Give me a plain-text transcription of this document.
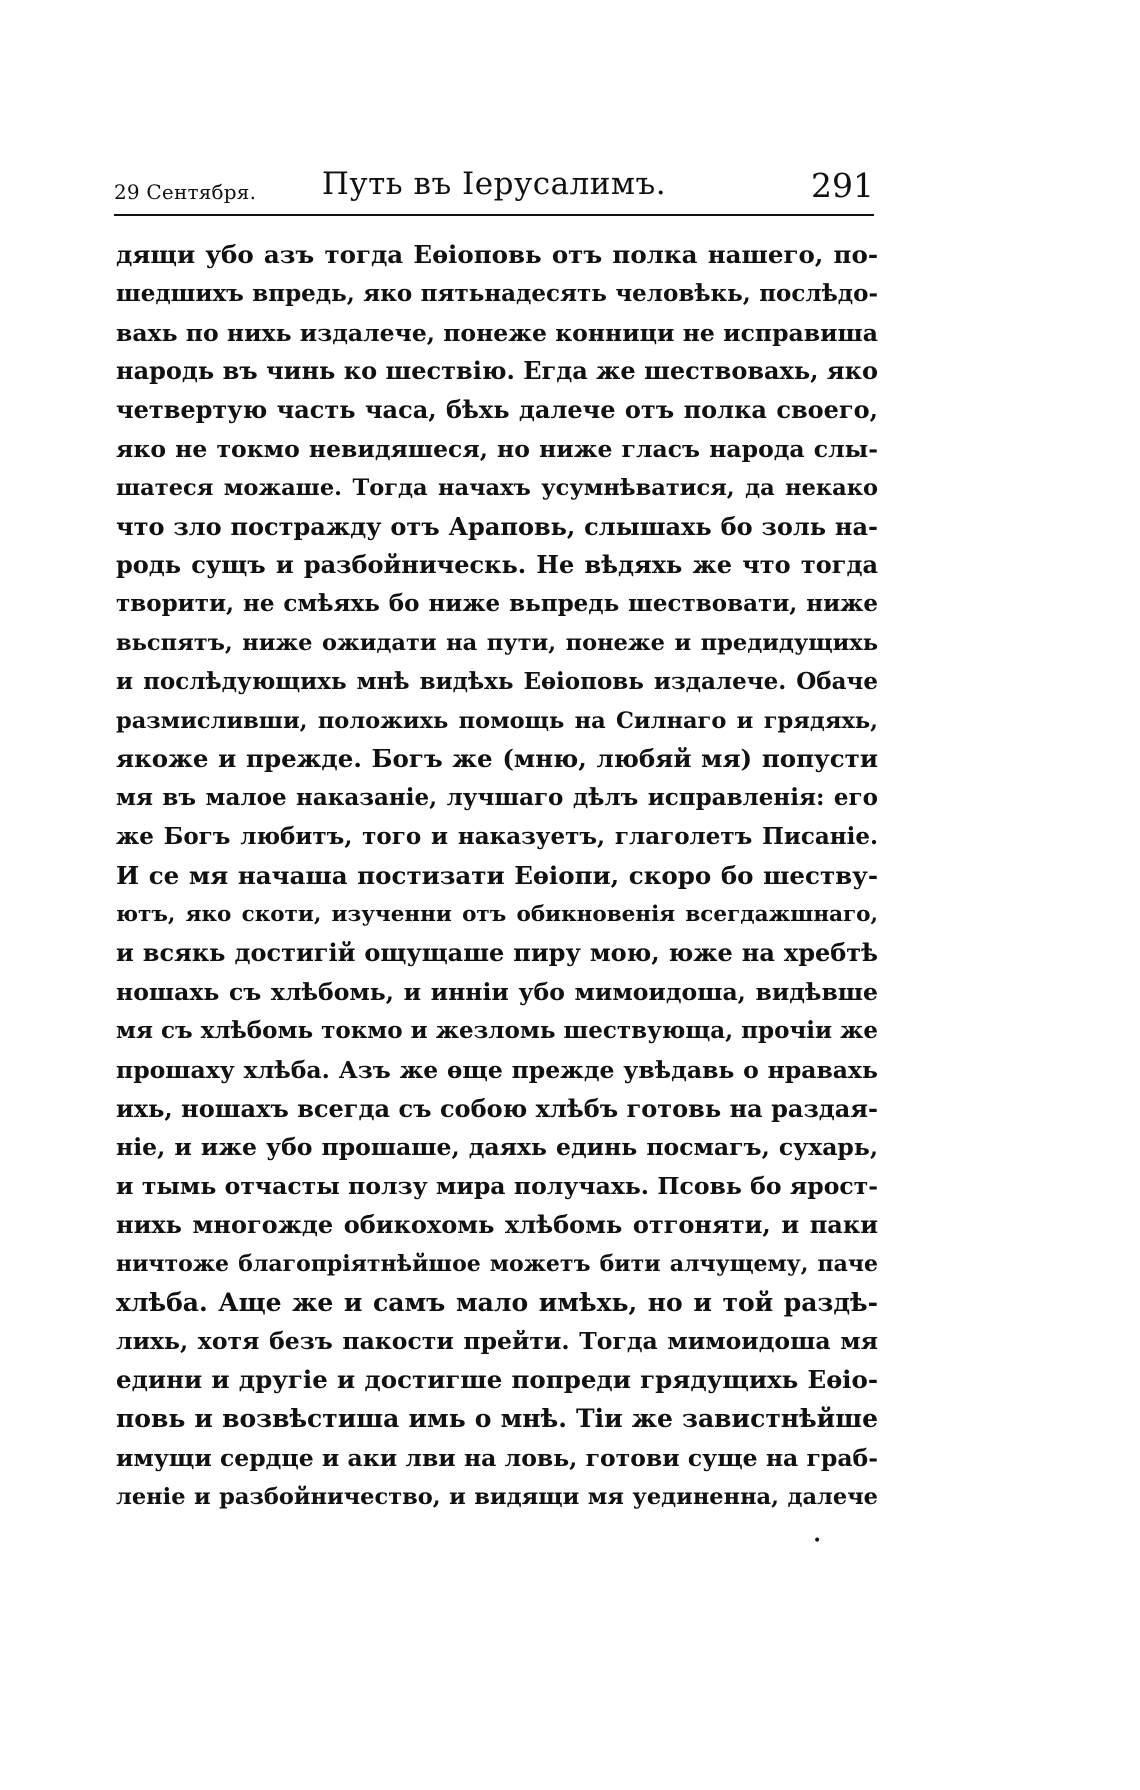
29 Сентября.	Путь въ Іерусалимъ.	291
дящи убо азъ тогда Еѳіоповь отъ полка нашего, по-
шедшихъ впредь, яко пятьнадесять человѣкь, послѣдо-
вахь по нихь издалече, понеже конници не исправиша
народь въ чинь ко шествію. Егда же шествовахь, яко
четвертую часть часа, бѣхь далече отъ полка своего,
яко не токмо невидяшеся, но ниже гласъ народа слы-
шатеся можаше. Тогда начахъ усумнѣватися, да некако
что зло постражду отъ Араповь, слышахь бо золь на-
родь сущъ и разбойническь. Не вѣдяхь же что тогда
творити, не смѣяхь бо ниже вьпредь шествовати, ниже
вьспятъ, ниже ожидати на пути, понеже и предидущихь
и послѣдующихь мнѣ видѣхь Еѳіоповь издалече. Обаче
размисливши, положихь помощь на Силнаго и грядяхь,
якоже и прежде. Богъ же (мню, любяй мя) попусти
мя въ малое наказаніе, лучшаго дѣлъ исправленія: его
же Богъ любитъ, того и наказуетъ, глаголетъ Писаніе.
И се мя начаша постизати Еѳіопи, скоро бо шеству-
ютъ, яко скоти, изученни отъ обикновенія всегдажшнаго,
и всякь достигій ощущаше пиру мою, юже на хребтѣ
ношахь съ хлѣбомь, и инніи убо мимоидоша, видѣвше
мя съ хлѣбомь токмо и жезломь шествующа, прочіи же
прошаху хлѣба. Азъ же ѳще прежде увѣдавь о нравахь
ихь, ношахъ всегда съ собою хлѣбъ готовь на раздая-
ніе, и иже убо прошаше, даяхь единь посмагъ, сухарь,
и тымь отчасты ползу мира получахь. Псовь бо ярост-
нихь многожде обикохомь хлѣбомь отгоняти, и паки
ничтоже благопріятнѣйшое можетъ бити алчущему, паче
хлѣба. Аще же и самъ мало имѣхь, но и той раздѣ-
лихь, хотя безъ пакости прейти. Тогда мимоидоша мя
едини и другіе и достигше попреди грядущихь Еѳіо-
повь и возвѣстиша имь о мнѣ. Тіи же завистнѣйше
имущи сердце и аки лви на ловь, готови суще на граб-
леніе и разбойничество, и видящи мя уединенна, далече
•
